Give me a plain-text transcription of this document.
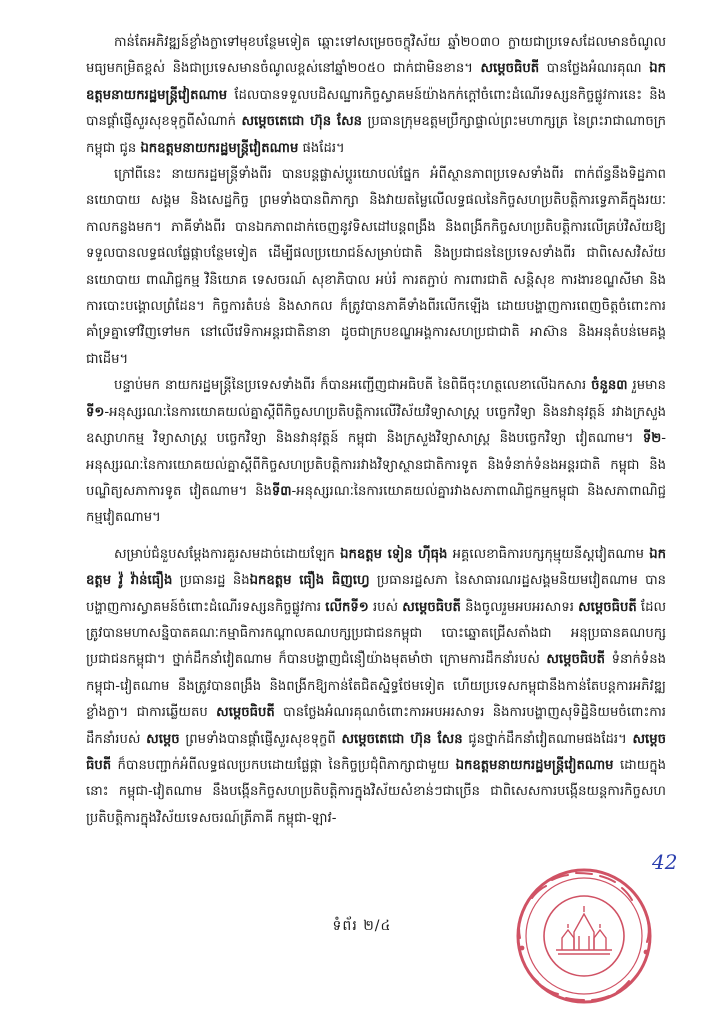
កាន់តែអភិវឌ្ឍន៍ខ្លាំងក្លាទៅមុខបន្ថែមទៀត ឆ្ពោះទៅសម្រេចចក្ខុវិស័យ ឆ្នាំ២០៣០ ក្លាយជាប្រទេសដែលមានចំណូលមធ្យមកម្រិតខ្ពស់ និងជាប្រទេសមានចំណូលខ្ពស់នៅឆ្នាំ២០៥០ ជាក់ជាមិនខាន។ សម្តេចធិបតី បានថ្លែងអំណរគុណ ឯកឧត្តមនាយករដ្ឋមន្ត្រីវៀតណាម ដែលបានទទួលបដិសណ្ឋារកិច្ចស្វាគមន៍យ៉ាងកក់ក្តៅចំពោះដំណើរទស្សនកិច្ចផ្លូវការនេះ និងបានផ្តាំផ្ញើសួរសុខទុក្ខពីសំណាក់ សម្តេចតេជោ ហ៊ុន សែន ប្រធានក្រុមឧត្តមប្រឹក្សាផ្ទាល់ព្រះមហាក្សត្រ នៃព្រះរាជាណាចក្រកម្ពុជា ជូន ឯកឧត្តមនាយករដ្ឋមន្ត្រីវៀតណាម ផងដែរ។

ក្រៅពីនេះ នាយករដ្ឋមន្ត្រីទាំងពីរ បានបន្តផ្លាស់ប្តូរយោបល់ផ្នែក អំពីស្ថានភាពប្រទេសទាំងពីរ ពាក់ព័ន្ធនឹងទិដ្ឋភាពនយោបាយ សង្គម និងសេដ្ឋកិច្ច ព្រមទាំងបានពិភាក្សា និងវាយតម្លៃលើលទ្ធផលនៃកិច្ចសហប្រតិបត្តិការទ្វេភាគីក្នុងរយៈកាលកន្លងមក។ ភាគីទាំងពីរ បានឯកភាពដាក់ចេញនូវទិសដៅបន្តពង្រឹង និងពង្រីកកិច្ចសហប្រតិបត្តិការលើគ្រប់វិស័យឱ្យទទួលបានលទ្ធផលផ្លែផ្កាបន្ថែមទៀត ដើម្បីផលប្រយោជន៍សម្រាប់ជាតិ និងប្រជាជននៃប្រទេសទាំងពីរ ជាពិសេសវិស័យនយោបាយ ពាណិជ្ជកម្ម វិនិយោគ ទេសចរណ៍ សុខាភិបាល អប់រំ ការតភ្ជាប់ ការពារជាតិ សន្តិសុខ ការងារខណ្ឌសីមា និងការបោះបង្គោលព្រំដែន។ កិច្ចការតំបន់ និងសាកល ក៏ត្រូវបានភាគីទាំងពីរលើកឡើង ដោយបង្ហាញការពេញចិត្តចំពោះការគាំទ្រគ្នាទៅវិញទៅមក នៅលើវេទិកាអន្តរជាតិនានា ដូចជាក្របខណ្ឌអង្គការសហប្រជាជាតិ អាស៊ាន និងអនុតំបន់មេគង្គ ជាដើម។

បន្ទាប់មក នាយករដ្ឋមន្ត្រីនៃប្រទេសទាំងពីរ ក៏បានអញ្ជើញជាអធិបតី នៃពិធីចុះហត្ថលេខាលើឯកសារ ចំនួន៣ រួមមាន ទី១-អនុស្សរណៈនៃការយោគយល់គ្នាស្តីពីកិច្ចសហប្រតិបត្តិការលើវិស័យវិទ្យាសាស្ត្រ បច្ចេកវិទ្យា និងនវានុវត្តន៍ រវាងក្រសួងឧស្សាហកម្ម វិទ្យាសាស្ត្រ បច្ចេកវិទ្យា និងនវានុវត្តន៍ កម្ពុជា និងក្រសួងវិទ្យាសាស្ត្រ និងបច្ចេកវិទ្យា វៀតណាម។ ទី២-អនុស្សរណៈនៃការយោគយល់គ្នាស្តីពីកិច្ចសហប្រតិបត្តិការរវាងវិទ្យាស្ថានជាតិការទូត និងទំនាក់ទំនងអន្តរជាតិ កម្ពុជា និងបណ្ឌិត្យសភាការទូត វៀតណាម។ និងទី៣-អនុស្សរណៈនៃការយោគយល់គ្នារវាងសភាពាណិជ្ជកម្មកម្ពុជា និងសភាពាណិជ្ជកម្មវៀតណាម។

សម្រាប់ជំនួបសម្តែងការគួរសមដាច់ដោយឡែក ឯកឧត្តម ទៀន ហ៊ីធុង អគ្គលេខាធិការបក្សកុម្មុយនីស្តវៀតណាម ឯកឧត្តម វ៉ូ វ៉ាន់ធឿង ប្រធានរដ្ឋ និងឯកឧត្តម ធឿង ធិញហ្វេ ប្រធានរដ្ឋសភា នៃសាធារណរដ្ឋសង្គមនិយមវៀតណាម បានបង្ហាញការស្វាគមន៍ចំពោះដំណើរទស្សនកិច្ចផ្លូវការ លើកទី១ របស់ សម្តេចធិបតី និងចូលរួមអបអរសាទរ សម្តេចធិបតី ដែលត្រូវបានមហាសន្និបាតគណៈកម្មាធិការកណ្តាលគណបក្សប្រជាជនកម្ពុជា បោះឆ្នោតជ្រើសតាំងជា អនុប្រធានគណបក្សប្រជាជនកម្ពុជា។ ថ្នាក់ដឹកនាំវៀតណាម ក៏បានបង្ហាញជំនឿយ៉ាងមុតមាំថា ក្រោមការដឹកនាំរបស់ សម្តេចធិបតី ទំនាក់ទំនងកម្ពុជា-វៀតណាម នឹងត្រូវបានពង្រឹង និងពង្រីកឱ្យកាន់តែជិតស្និទ្ធថែមទៀត ហើយប្រទេសកម្ពុជានឹងកាន់តែបន្តការអភិវឌ្ឍខ្លាំងក្លា។ ជាការឆ្លើយតប សម្តេចធិបតី បានថ្លែងអំណរគុណចំពោះការអបអរសាទរ និងការបង្ហាញសុទិដ្ឋិនិយមចំពោះការដឹកនាំរបស់ សម្តេច ព្រមទាំងបានផ្តាំផ្ញើសួរសុខទុក្ខពី សម្តេចតេជោ ហ៊ុន សែន ជូនថ្នាក់ដឹកនាំវៀតណាមផងដែរ។ សម្តេចធិបតី ក៏បានបញ្ជាក់អំពីលទ្ធផលប្រកបដោយផ្លែផ្កា នៃកិច្ចប្រជុំពិភាក្សាជាមួយ ឯកឧត្តមនាយករដ្ឋមន្ត្រីវៀតណាម ដោយក្នុងនោះ កម្ពុជា-វៀតណាម នឹងបង្កើនកិច្ចសហប្រតិបត្តិការក្នុងវិស័យសំខាន់ៗជាច្រើន ជាពិសេសការបង្កើនយន្តការកិច្ចសហប្រតិបត្តិការក្នុងវិស័យទេសចរណ៍ត្រីភាគី កម្ពុជា-ឡាវ-

42
ទំព័រ ២/៤
